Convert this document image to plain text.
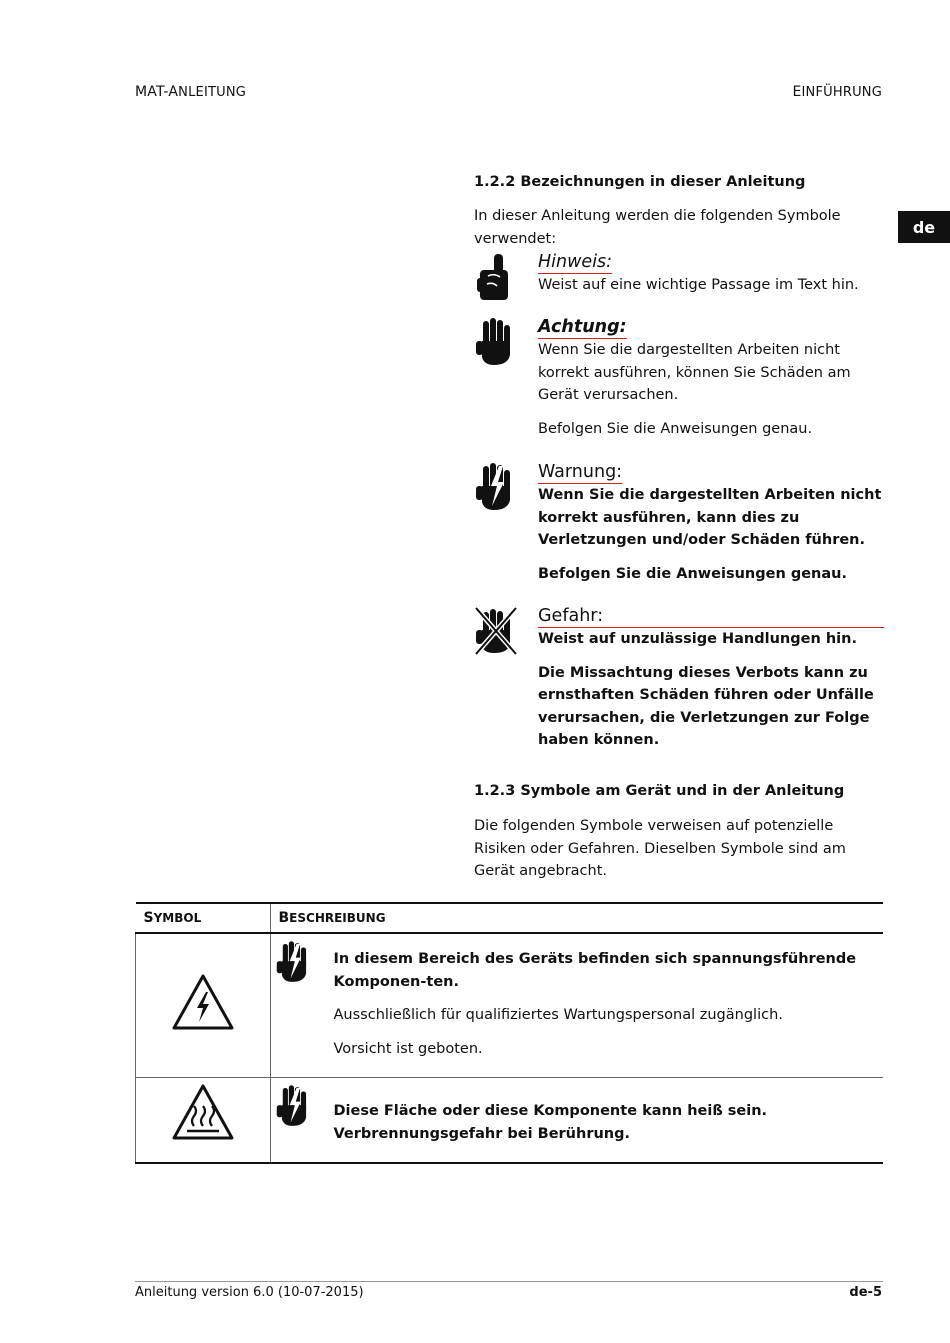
MAT-ANLEITUNG	EINFÜHRUNG
de
1.2.2 Bezeichnungen in dieser Anleitung
In dieser Anleitung werden die folgenden Symbole verwendet:
Hinweis:

Weist auf eine wichtige Passage im Text hin.

Achtung:

Wenn Sie die dargestellten Arbeiten nicht korrekt ausführen, können Sie Schäden am Gerät verursachen.

Befolgen Sie die Anweisungen genau.

Warnung:

Wenn Sie die dargestellten Arbeiten nicht korrekt ausführen, kann dies zu Verletzungen und/oder Schäden führen.

Befolgen Sie die Anweisungen genau.

Gefahr:

Weist auf unzulässige Handlungen hin.

Die Missachtung dieses Verbots kann zu ernsthaften Schäden führen oder Unfälle verursachen, die Verletzungen zur Folge haben können.

1.2.3 Symbole am Gerät und in der Anleitung
Die folgenden Symbole verweisen auf potenzielle Risiken oder Gefahren. Dieselben Symbole sind am Gerät angebracht.
SYMBOL	BESCHREIBUNG

In diesem Bereich des Geräts befinden sich spannungsführende Komponen-ten.

Ausschließlich für qualifiziertes Wartungspersonal zugänglich.

Vorsicht ist geboten.

Diese Fläche oder diese Komponente kann heiß sein. Verbrennungsgefahr bei Berührung.

Anleitung version 6.0 (10-07-2015)	de-5
